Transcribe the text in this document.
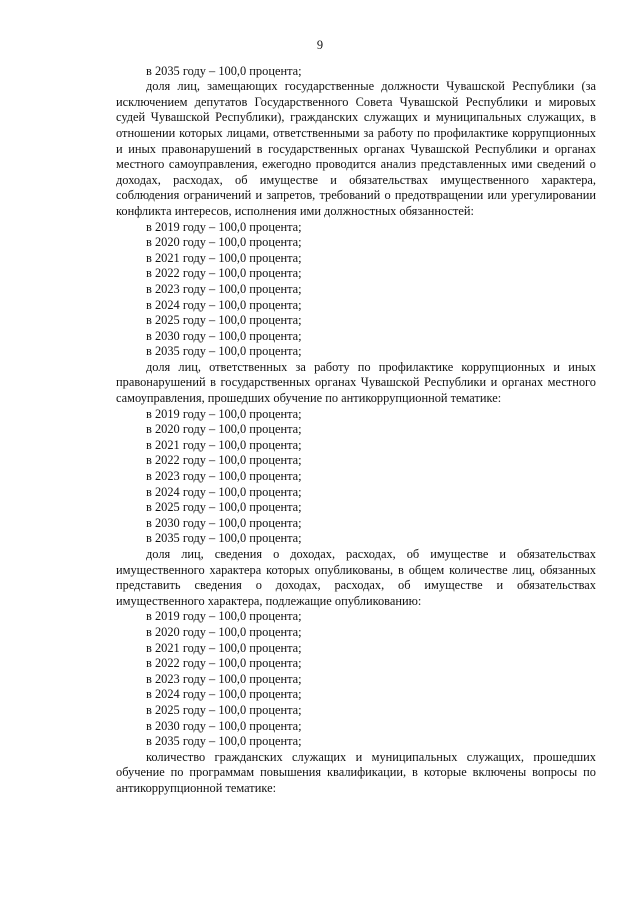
9

в 2035 году – 100,0 процента;

доля лиц, замещающих государственные должности Чувашской Республики (за исключением депутатов Государственного Совета Чувашской Республики и мировых судей Чувашской Республики), гражданских служащих и муниципальных служащих, в отношении которых лицами, ответственными за работу по профилактике коррупционных и иных правонарушений в государственных органах Чувашской Республики и органах местного самоуправления, ежегодно проводится анализ представленных ими сведений о доходах, расходах, об имуществе и обязательствах имущественного характера, соблюдения ограничений и запретов, требований о предотвращении или урегулировании конфликта интересов, исполнения ими должностных обязанностей:

в 2019 году – 100,0 процента;

в 2020 году – 100,0 процента;

в 2021 году – 100,0 процента;

в 2022 году – 100,0 процента;

в 2023 году – 100,0 процента;

в 2024 году – 100,0 процента;

в 2025 году – 100,0 процента;

в 2030 году – 100,0 процента;

в 2035 году – 100,0 процента;

доля лиц, ответственных за работу по профилактике коррупционных и иных правонарушений в государственных органах Чувашской Республики и органах местного самоуправления, прошедших обучение по антикоррупционной тематике:

в 2019 году – 100,0 процента;

в 2020 году – 100,0 процента;

в 2021 году – 100,0 процента;

в 2022 году – 100,0 процента;

в 2023 году – 100,0 процента;

в 2024 году – 100,0 процента;

в 2025 году – 100,0 процента;

в 2030 году – 100,0 процента;

в 2035 году – 100,0 процента;

доля лиц, сведения о доходах, расходах, об имуществе и обязательствах имущественного характера которых опубликованы, в общем количестве лиц, обязанных представить сведения о доходах, расходах, об имуществе и обязательствах имущественного характера, подлежащие опубликованию:

в 2019 году – 100,0 процента;

в 2020 году – 100,0 процента;

в 2021 году – 100,0 процента;

в 2022 году – 100,0 процента;

в 2023 году – 100,0 процента;

в 2024 году – 100,0 процента;

в 2025 году – 100,0 процента;

в 2030 году – 100,0 процента;

в 2035 году – 100,0 процента;

количество гражданских служащих и муниципальных служащих, прошедших обучение по программам повышения квалификации, в которые включены вопросы по антикоррупционной тематике:
